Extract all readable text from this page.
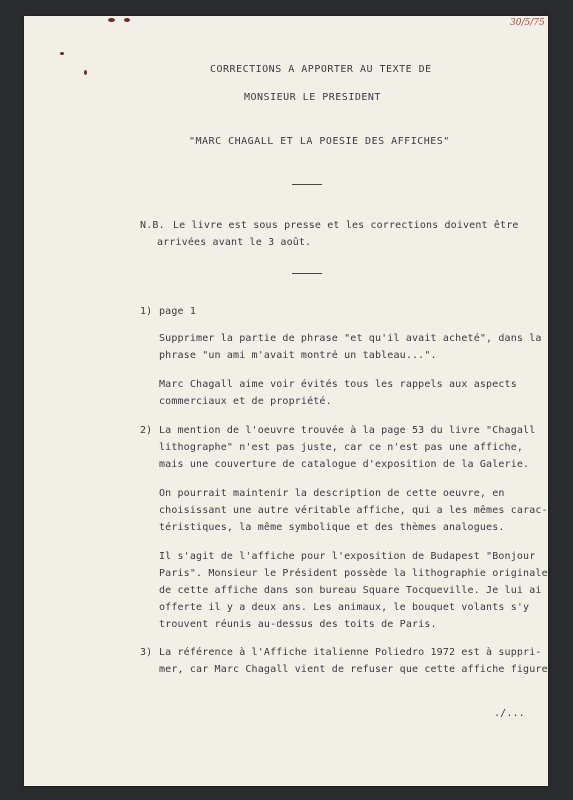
30/5/75
CORRECTIONS A APPORTER AU TEXTE DE
MONSIEUR LE PRESIDENT
"MARC CHAGALL ET LA POESIE DES AFFICHES"
N.B. Le livre est sous presse et les corrections doivent être
arrivées avant le 3 août.
1) page 1
Supprimer la partie de phrase "et qu'il avait acheté", dans la
phrase "un ami m'avait montré un tableau...".
Marc Chagall aime voir évités tous les rappels aux aspects
commerciaux et de propriété.
2) La mention de l'oeuvre trouvée à la page 53 du livre "Chagall
lithographe" n'est pas juste, car ce n'est pas une affiche,
mais une couverture de catalogue d'exposition de la Galerie.
On pourrait maintenir la description de cette oeuvre, en
choisissant une autre véritable affiche, qui a les mêmes carac-
téristiques, la même symbolique et des thèmes analogues.
Il s'agit de l'affiche pour l'exposition de Budapest "Bonjour
Paris". Monsieur le Président possède la lithographie originale
de cette affiche dans son bureau Square Tocqueville. Je lui ai
offerte il y a deux ans. Les animaux, le bouquet volants s'y
trouvent réunis au-dessus des toits de Paris.
3) La référence à l'Affiche italienne Poliedro 1972 est à suppri-
mer, car Marc Chagall vient de refuser que cette affiche figure
./...
